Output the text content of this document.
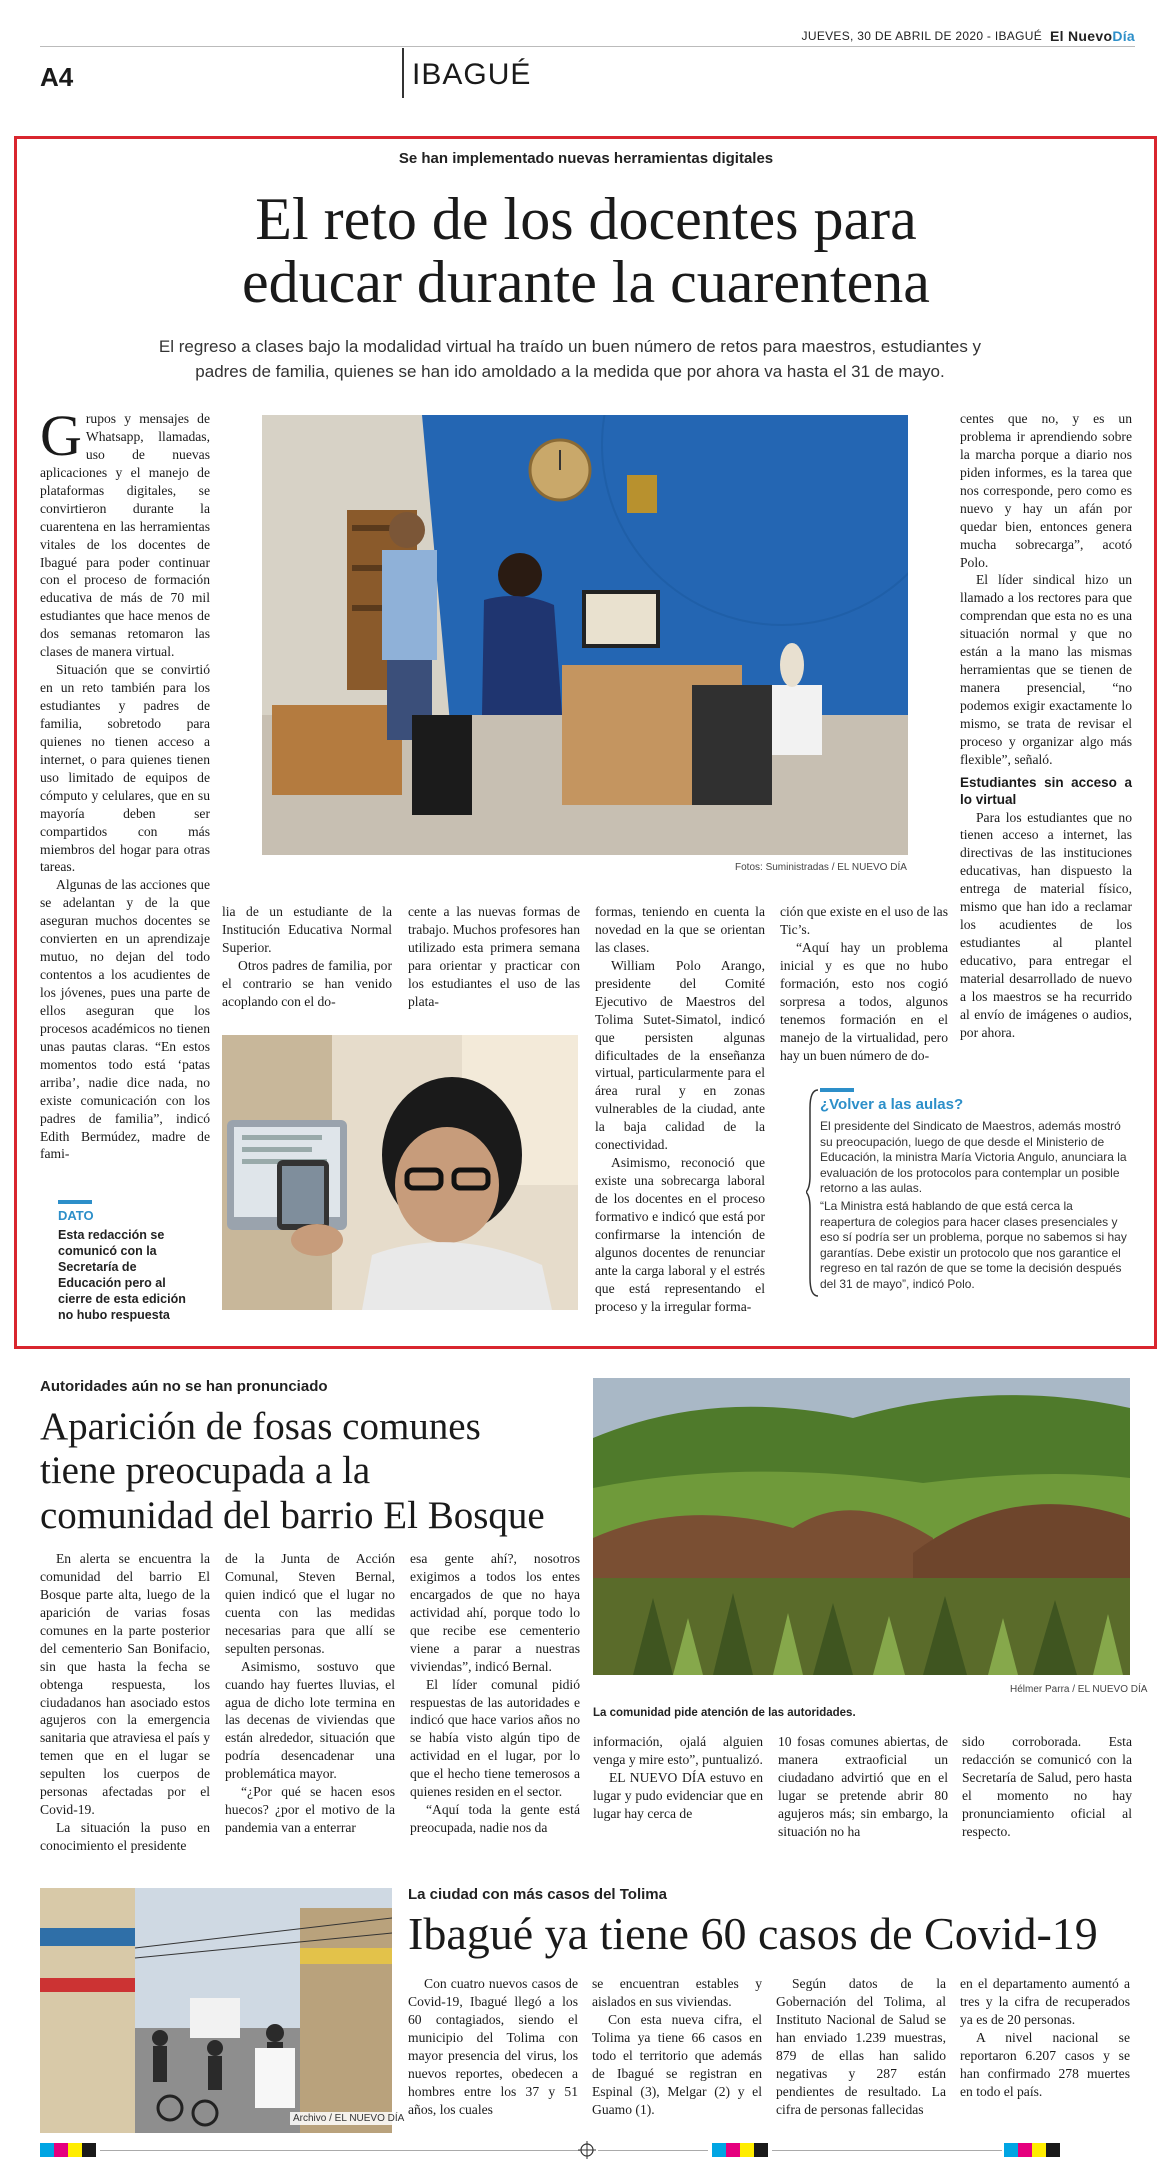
JUEVES, 30 DE ABRIL DE 2020 - IBAGUÉ El NuevoDía
A4	IBAGUÉ
Se han implementado nuevas herramientas digitales
El reto de los docentes para
educar durante la cuarentena
El regreso a clases bajo la modalidad virtual ha traído un buen número de retos para maestros, estudiantes y padres de familia, quienes se han ido amoldado a la medida que por ahora va hasta el 31 de mayo.

Grupos y mensajes de Whatsapp, llamadas, uso de nuevas aplicaciones y el manejo de plataformas digitales, se convirtieron durante la cuarentena en las herramientas vitales de los docentes de Ibagué para poder continuar con el proceso de formación educativa de más de 70 mil estudiantes que hace menos de dos semanas retomaron las clases de manera virtual.

Situación que se convirtió en un reto también para los estudiantes y padres de familia, sobretodo para quienes no tienen acceso a internet, o para quienes tienen uso limitado de equipos de cómputo y celulares, que en su mayoría deben ser compartidos con más miembros del hogar para otras tareas.

Algunas de las acciones que se adelantan y de la que aseguran muchos docentes se convierten en un aprendizaje mutuo, no dejan del todo contentos a los acudientes de los jóvenes, pues una parte de ellos aseguran que los procesos académicos no tienen unas pautas claras. “En estos momentos todo está ‘patas arriba’, nadie dice nada, no existe comunicación con los padres de familia”, indicó Edith Bermúdez, madre de fami-

Fotos: Suministradas / EL NUEVO DÍA

centes que no, y es un problema ir aprendiendo sobre la marcha porque a diario nos piden informes, es la tarea que nos corresponde, pero como es nuevo y hay un afán por quedar bien, entonces genera mucha sobrecarga”, acotó Polo.

El líder sindical hizo un llamado a los rectores para que comprendan que esta no es una situación normal y que no están a la mano las mismas herramientas que se tienen de manera presencial, “no podemos exigir exactamente lo mismo, se trata de revisar el proceso y organizar algo más flexible”, señaló.

Estudiantes sin acceso a lo virtual

Para los estudiantes que no tienen acceso a internet, las directivas de las instituciones educativas, han dispuesto la entrega de material físico, mismo que han ido a reclamar los acudientes de los estudiantes al plantel educativo, para entregar el material desarrollado de nuevo a los maestros se ha recurrido al envío de imágenes o audios, por ahora.

lia de un estudiante de la Institución Educativa Normal Superior.

Otros padres de familia, por el contrario se han venido acoplando con el do-

cente a las nuevas formas de trabajo. Muchos profesores han utilizado esta primera semana para orientar y practicar con los estudiantes el uso de las plata-

formas, teniendo en cuenta la novedad en la que se orientan las clases.

William Polo Arango, presidente del Comité Ejecutivo de Maestros del Tolima Sutet-Simatol, indicó que persisten algunas dificultades de la enseñanza virtual, particularmente para el área rural y en zonas vulnerables de la ciudad, ante la baja calidad de la conectividad.

Asimismo, reconoció que existe una sobrecarga laboral de los docentes en el proceso formativo e indicó que está por confirmarse la intención de algunos docentes de renunciar ante la carga laboral y el estrés que está representando el proceso y la irregular forma-

ción que existe en el uso de las Tic’s.

“Aquí hay un problema inicial y es que no hubo formación, esto nos cogió sorpresa a todos, algunos tenemos formación en el manejo de la virtualidad, pero hay un buen número de do-

DATO
Esta redacción se comunicó con la Secretaría de Educación pero al cierre de esta edición no hubo respuesta
¿Volver a las aulas?

El presidente del Sindicato de Maestros, además mostró su preocupación, luego de que desde el Ministerio de Educación, la ministra María Victoria Angulo, anunciara la evaluación de los protocolos para contemplar un posible retorno a las aulas.

“La Ministra está hablando de que está cerca la reapertura de colegios para hacer clases presenciales y eso sí podría ser un problema, porque no sabemos si hay garantías. Debe existir un protocolo que nos garantice el regreso en tal razón de que se tome la decisión después del 31 de mayo”, indicó Polo.

Autoridades aún no se han pronunciado
Aparición de fosas comunes
tiene preocupada a la
comunidad del barrio El Bosque
Hélmer Parra / EL NUEVO DÍA
La comunidad pide atención de las autoridades.

En alerta se encuentra la comunidad del barrio El Bosque parte alta, luego de la aparición de varias fosas comunes en la parte posterior del cementerio San Bonifacio, sin que hasta la fecha se obtenga respuesta, los ciudadanos han asociado estos agujeros con la emergencia sanitaria que atraviesa el país y temen que en el lugar se sepulten los cuerpos de personas afectadas por el Covid-19.

La situación la puso en conocimiento el presidente

de la Junta de Acción Comunal, Steven Bernal, quien indicó que el lugar no cuenta con las medidas necesarias para que allí se sepulten personas.

Asimismo, sostuvo que cuando hay fuertes lluvias, el agua de dicho lote termina en las decenas de viviendas que están alrededor, situación que podría desencadenar una problemática mayor.

“¿Por qué se hacen esos huecos? ¿por el motivo de la pandemia van a enterrar

esa gente ahí?, nosotros exigimos a todos los entes encargados de que no haya actividad ahí, porque todo lo que recibe ese cementerio viene a parar a nuestras viviendas”, indicó Bernal.

El líder comunal pidió respuestas de las autoridades e indicó que hace varios años no se había visto algún tipo de actividad en el lugar, por lo que el hecho tiene temerosos a quienes residen en el sector.

“Aquí toda la gente está preocupada, nadie nos da

información, ojalá alguien venga y mire esto”, puntualizó.

EL NUEVO DÍA estuvo en lugar y pudo evidenciar que en lugar hay cerca de

10 fosas comunes abiertas, de manera extraoficial un ciudadano advirtió que en el lugar se pretende abrir 80 agujeros más; sin embargo, la situación no ha

sido corroborada. Esta redacción se comunicó con la Secretaría de Salud, pero hasta el momento no hay pronunciamiento oficial al respecto.

Archivo / EL NUEVO DÍA
La ciudad con más casos del Tolima
Ibagué ya tiene 60 casos de Covid-19

Con cuatro nuevos casos de Covid-19, Ibagué llegó a los 60 contagiados, siendo el municipio del Tolima con mayor presencia del virus, los nuevos reportes, obedecen a hombres entre los 37 y 51 años, los cuales

se encuentran estables y aislados en sus viviendas.

Con esta nueva cifra, el Tolima ya tiene 66 casos en todo el territorio que además de Ibagué se registran en Espinal (3), Melgar (2) y el Guamo (1).

Según datos de la Gobernación del Tolima, al Instituto Nacional de Salud se han enviado 1.239 muestras, 879 de ellas han salido negativas y 287 están pendientes de resultado. La cifra de personas fallecidas

en el departamento aumentó a tres y la cifra de recuperados ya es de 20 personas.

A nivel nacional se reportaron 6.207 casos y se han confirmado 278 muertes en todo el país.
